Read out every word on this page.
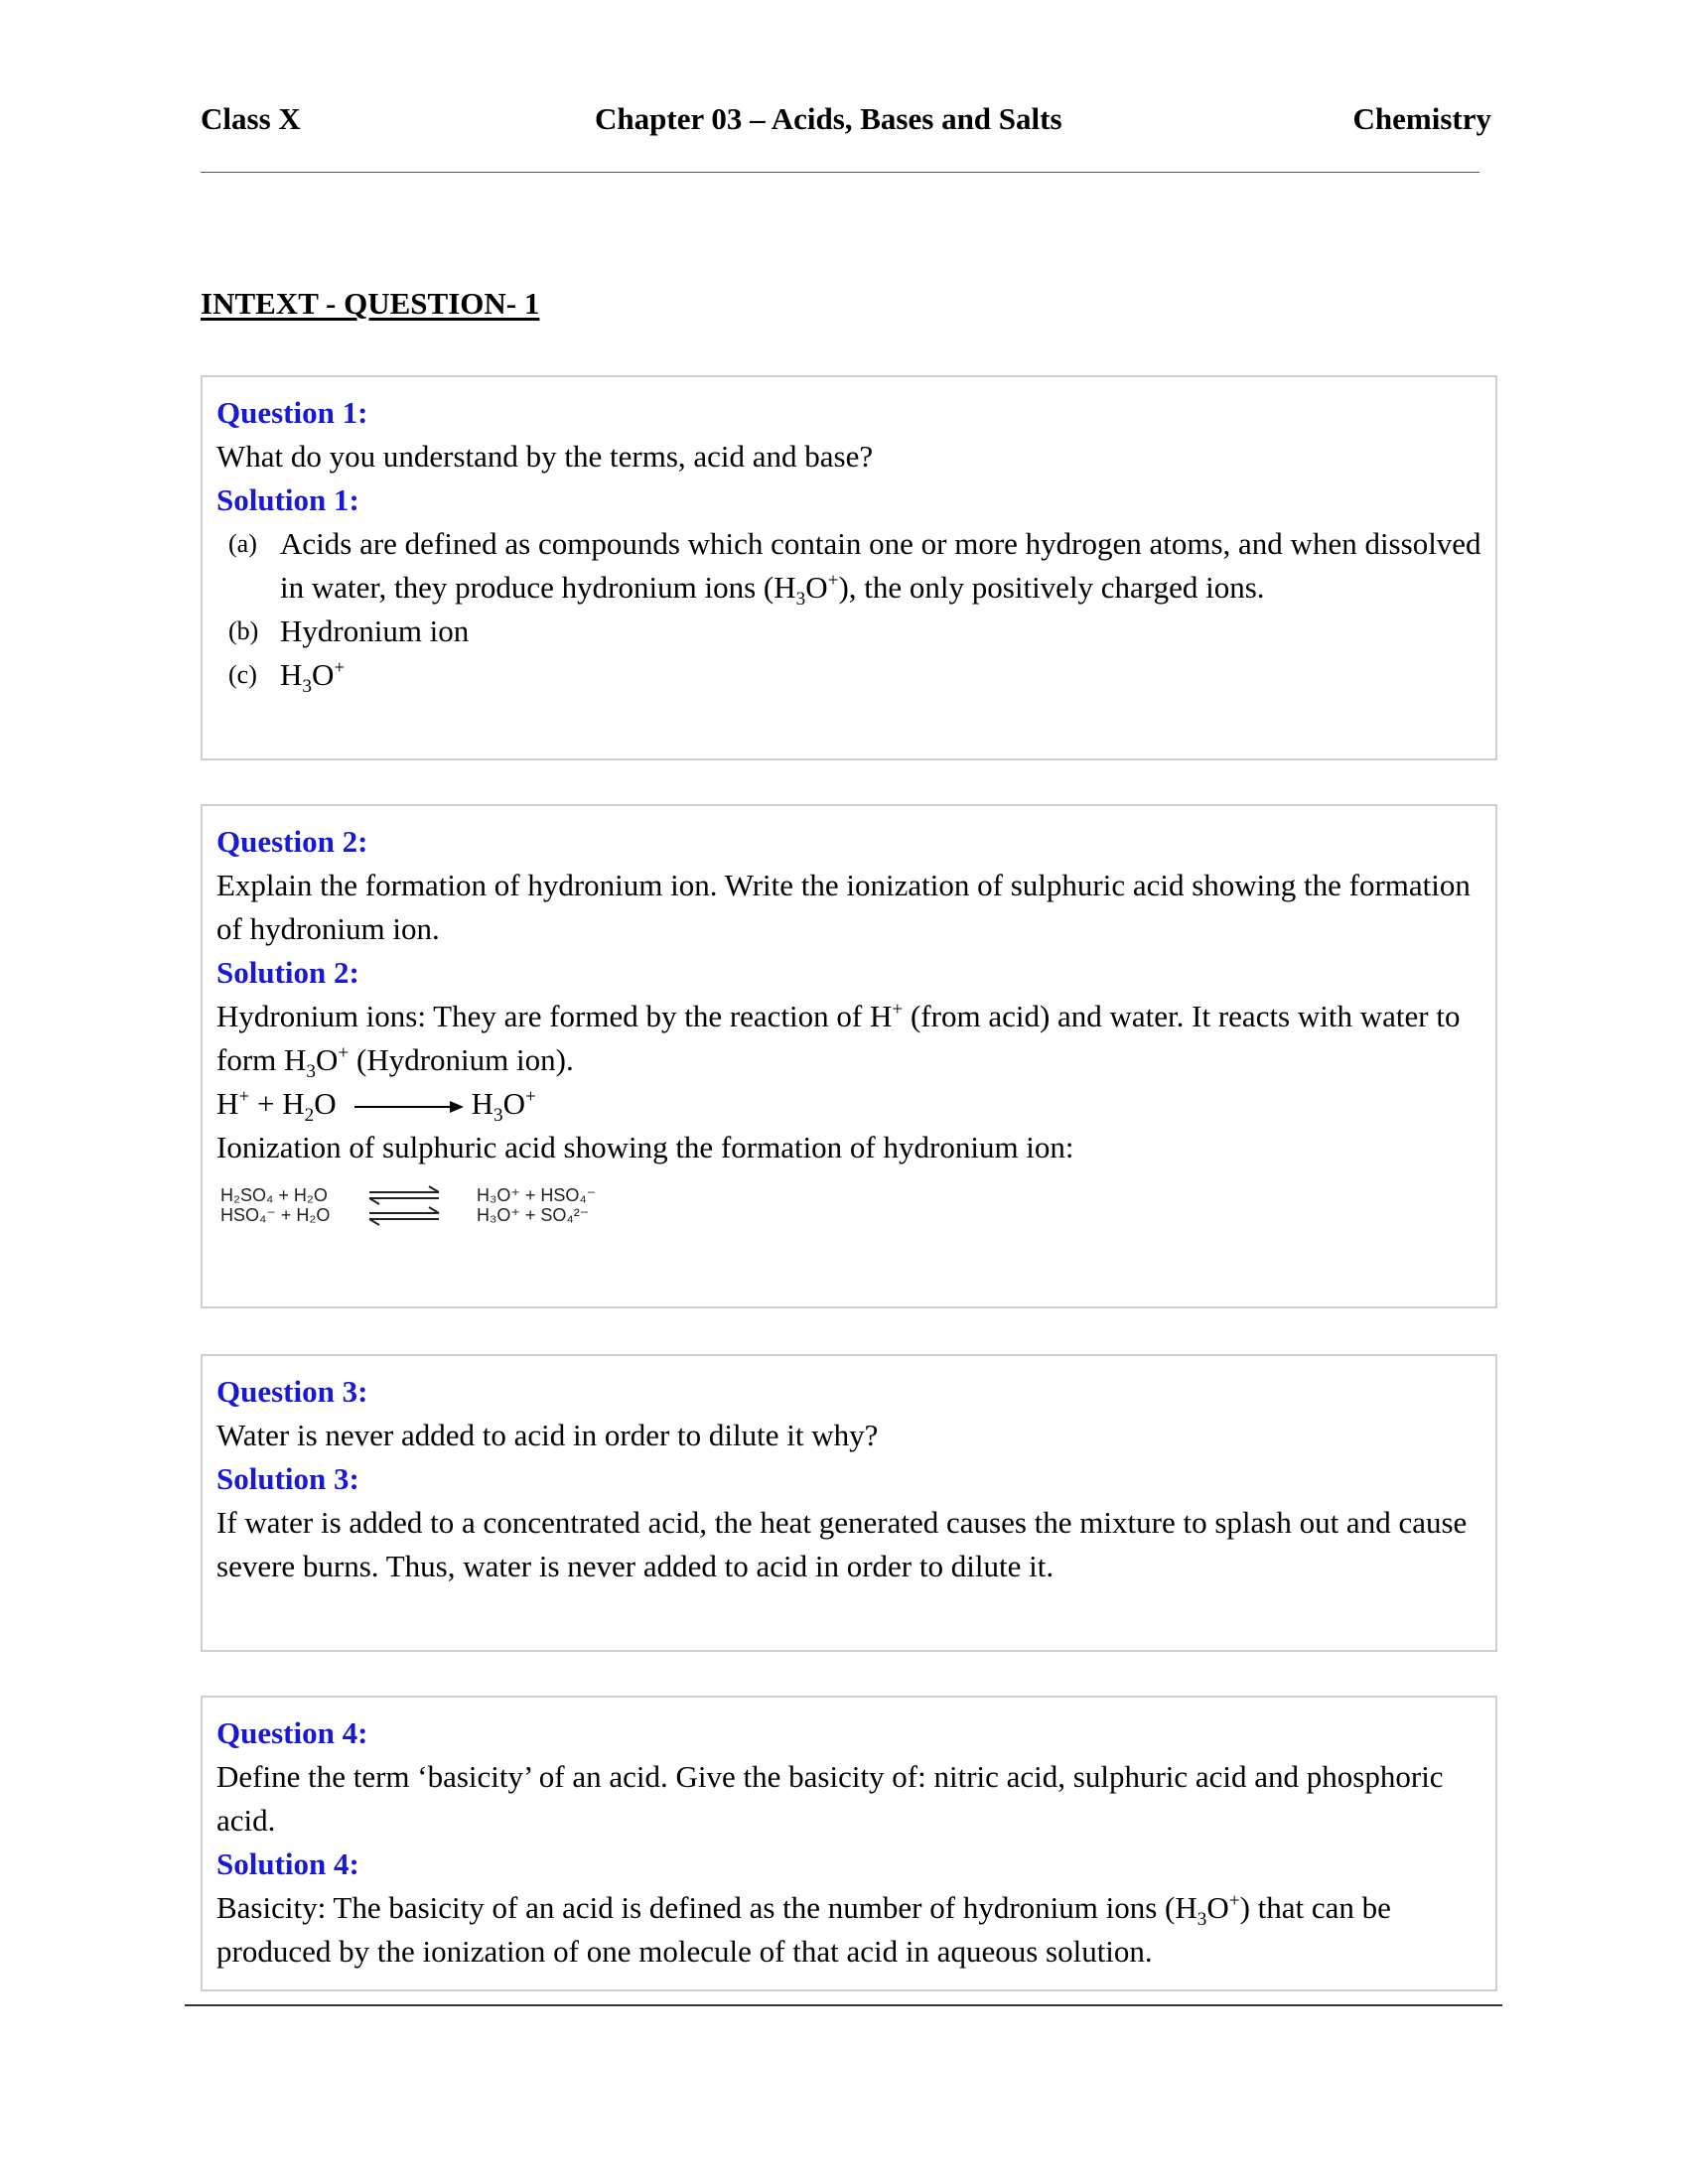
Class X	Chapter 03 – Acids, Bases and Salts	Chemistry
INTEXT - QUESTION- 1
Question 1:

What do you understand by the terms, acid and base?

Solution 1:
(a) Acids are defined as compounds which contain one or more hydrogen atoms, and when dissolved in water, they produce hydronium ions $(H_3O^+)$, the only positively charged ions.
(b) Hydronium ion
(c) $H_3O^+$
Question 2:

Explain the formation of hydronium ion. Write the ionization of sulphuric acid showing the formation of hydronium ion.

Solution 2:

Hydronium ions: They are formed by the reaction of H+ (from acid) and water. It reacts with water to form $H_3O^+$ (Hydronium ion).

$H^+ + H_2O$	$H_3O^+$

Ionization of sulphuric acid showing the formation of hydronium ion:

H₂SO₄ + H₂O
HSO₄⁻ + H₂O
H₃O⁺ + HSO₄⁻
H₃O⁺ + SO₄²⁻
Question 3:

Water is never added to acid in order to dilute it why?

Solution 3:

If water is added to a concentrated acid, the heat generated causes the mixture to splash out and cause severe burns. Thus, water is never added to acid in order to dilute it.

Question 4:

Define the term ‘basicity’ of an acid. Give the basicity of: nitric acid, sulphuric acid and phosphoric acid.

Solution 4:

Basicity: The basicity of an acid is defined as the number of hydronium ions $(H_3O^+)$ that can be produced by the ionization of one molecule of that acid in aqueous solution.
